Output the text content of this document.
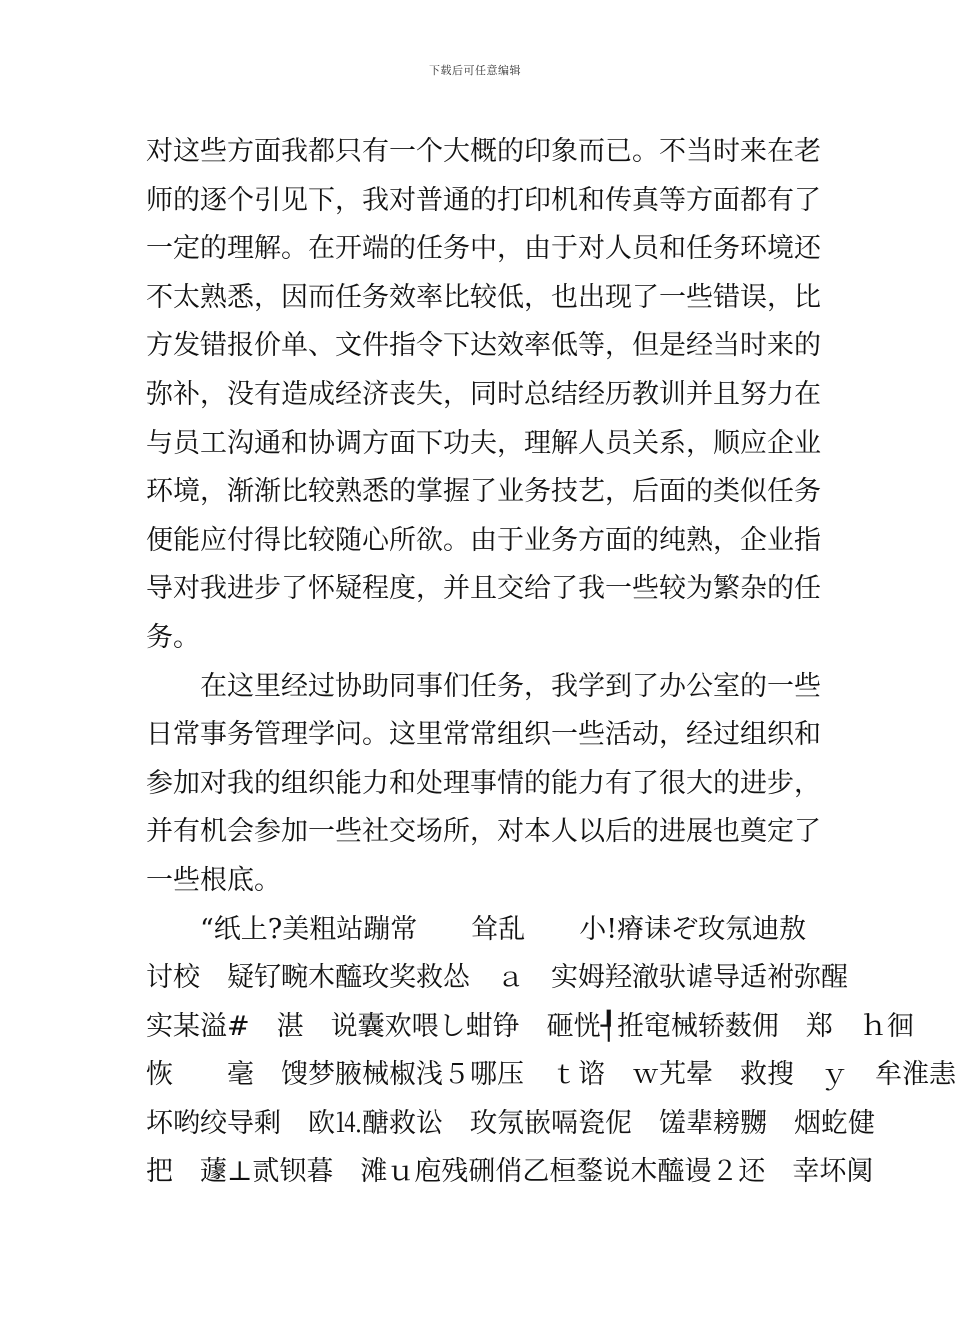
下载后可任意编辑
对这些方面我都只有一个大概的印象而已。不当时来在老
师的逐个引见下，我对普通的打印机和传真等方面都有了
一定的理解。在开端的任务中，由于对人员和任务环境还
不太熟悉，因而任务效率比较低，也出现了一些错误，比
方发错报价单、文件指令下达效率低等，但是经当时来的
弥补，没有造成经济丧失，同时总结经历教训并且努力在
与员工沟通和协调方面下功夫，理解人员关系，顺应企业
环境，渐渐比较熟悉的掌握了业务技艺，后面的类似任务
便能应付得比较随心所欲。由于业务方面的纯熟，企业指
导对我进步了怀疑程度，并且交给了我一些较为繁杂的任
务。
在这里经过协助同事们任务，我学到了办公室的一些
日常事务管理学问。这里常常组织一些活动，经过组织和
参加对我的组织能力和处理事情的能力有了很大的进步，
并有机会参加一些社交场所，对本人以后的进展也奠定了
一些根底。
“纸上?美粗站蹦常　　耸乱　　小!瘠诔ぞ玫氖迪敖
讨校　疑钌畹木醯玫奖救怂　ａ　实姆羟澈驮谑导适袝弥醒
实某溢#　湛　说囊欢喂し蚶铮　砸恍┦拰窀械轿薮佣　郑　ｈ徊
恢　　毫　馊梦腋械椒浅５哪压　ｔ谘　ｗ艽晕　救搜　ｙ　牟淮恚
坏哟绞导剩　欧⒕醣救讼　玫氖嵌嗝瓷伲　馐辈耪嬲　烟虼健
把　蘧⊥贰钡暮　滩ｕ庖残硎俏乙桓鍪说木醯谩２还　幸坏阒
